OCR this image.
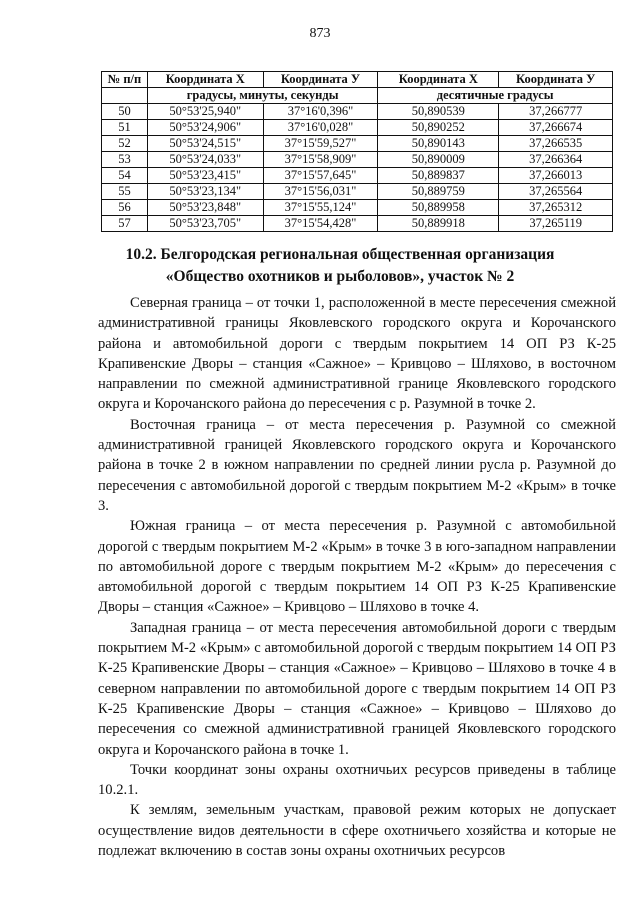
873
№ п/п	Координата X	Координата У	Координата X	Координата У
	градусы, минуты, секунды		десятичные градусы	
50	50°53'25,940"	37°16'0,396"	50,890539	37,266777
51	50°53'24,906"	37°16'0,028"	50,890252	37,266674
52	50°53'24,515"	37°15'59,527"	50,890143	37,266535
53	50°53'24,033"	37°15'58,909"	50,890009	37,266364
54	50°53'23,415"	37°15'57,645"	50,889837	37,266013
55	50°53'23,134"	37°15'56,031"	50,889759	37,265564
56	50°53'23,848"	37°15'55,124"	50,889958	37,265312
57	50°53'23,705"	37°15'54,428"	50,889918	37,265119
10.2. Белгородская региональная общественная организация
«Общество охотников и рыболовов», участок № 2

Северная граница – от точки 1, расположенной в месте пересечения смежной административной границы Яковлевского городского округа и Корочанского района и автомобильной дороги с твердым покрытием 14 ОП РЗ К-25 Крапивенские Дворы – станция «Сажное» – Кривцово – Шляхово, в восточном направлении по смежной административной границе Яковлевского городского округа и Корочанского района до пересечения с р. Разумной в точке 2.

Восточная граница – от места пересечения р. Разумной со смежной административной границей Яковлевского городского округа и Корочанского района в точке 2 в южном направлении по средней линии русла р. Разумной до пересечения с автомобильной дорогой с твердым покрытием М-2 «Крым» в точке 3.

Южная граница – от места пересечения р. Разумной с автомобильной дорогой с твердым покрытием М-2 «Крым» в точке 3 в юго-западном направлении по автомобильной дороге с твердым покрытием М-2 «Крым» до пересечения с автомобильной дорогой с твердым покрытием 14 ОП РЗ К-25 Крапивенские Дворы – станция «Сажное» – Кривцово – Шляхово в точке 4.

Западная граница – от места пересечения автомобильной дороги с твердым покрытием М-2 «Крым» с автомобильной дорогой с твердым покрытием 14 ОП РЗ К-25 Крапивенские Дворы – станция «Сажное» – Кривцово – Шляхово в точке 4 в северном направлении по автомобильной дороге с твердым покрытием 14 ОП РЗ К-25 Крапивенские Дворы – станция «Сажное» – Кривцово – Шляхово до пересечения со смежной административной границей Яковлевского городского округа и Корочанского района в точке 1.

Точки координат зоны охраны охотничьих ресурсов приведены в таблице 10.2.1.

К землям, земельным участкам, правовой режим которых не допускает осуществление видов деятельности в сфере охотничьего хозяйства и которые не подлежат включению в состав зоны охраны охотничьих ресурсов
